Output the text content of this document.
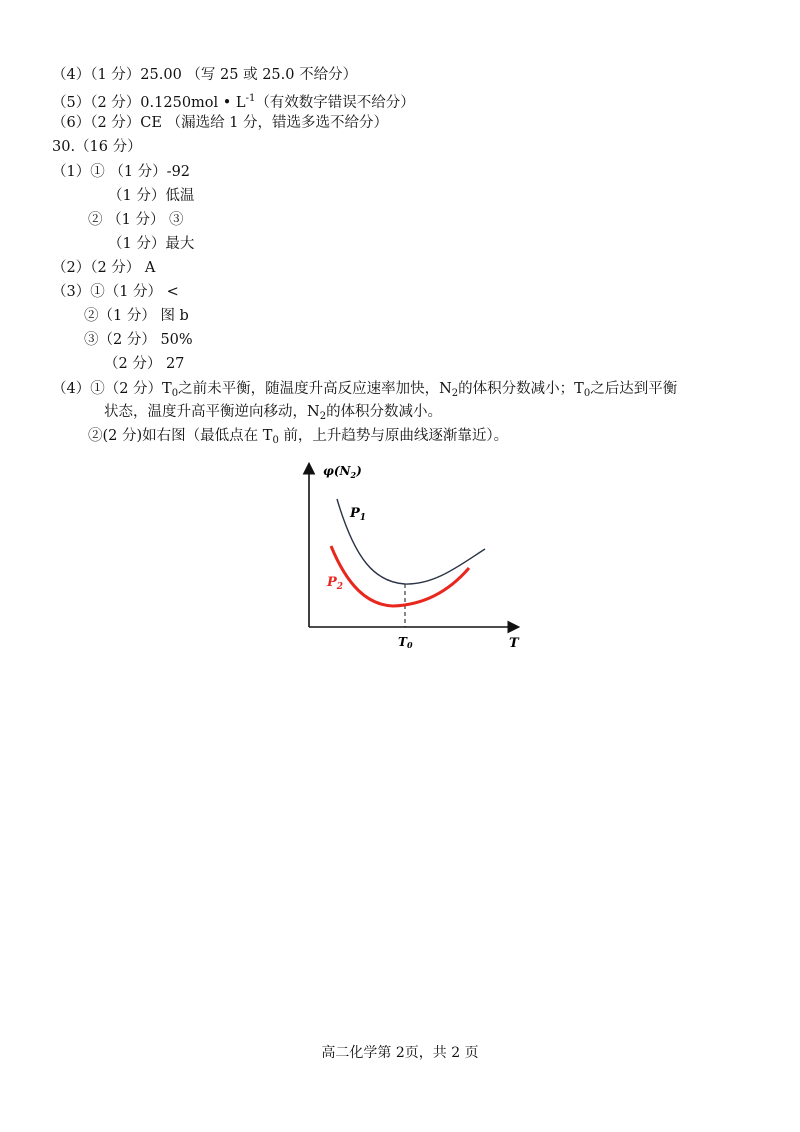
（4）（1 分）25.00 （写 25 或 25.0 不给分）
（5）（2 分）0.1250mol • $L^{-1}$（有效数字错误不给分）
（6）（2 分）CE （漏选给 1 分，错选多选不给分）
30.（16 分）
（1）① （1 分）-92
（1 分）低温
② （1 分） ③
（1 分）最大
（2）（2 分） A
（3）①（1 分） <
②（1 分） 图 b
③（2 分） 50%
（2 分） 27
（4）①（2 分）$T_0$之前未平衡，随温度升高反应速率加快，$N_2$的体积分数减小；$T_0$之后达到平衡
状态，温度升高平衡逆向移动，$N_2$的体积分数减小。
②(2 分)如右图（最低点在 $T_0$ 前，上升趋势与原曲线逐渐靠近）。
$\varphi(N_2)$
$P_1$
$P_2$
T0	T
高二化学第 2页，共 2 页
